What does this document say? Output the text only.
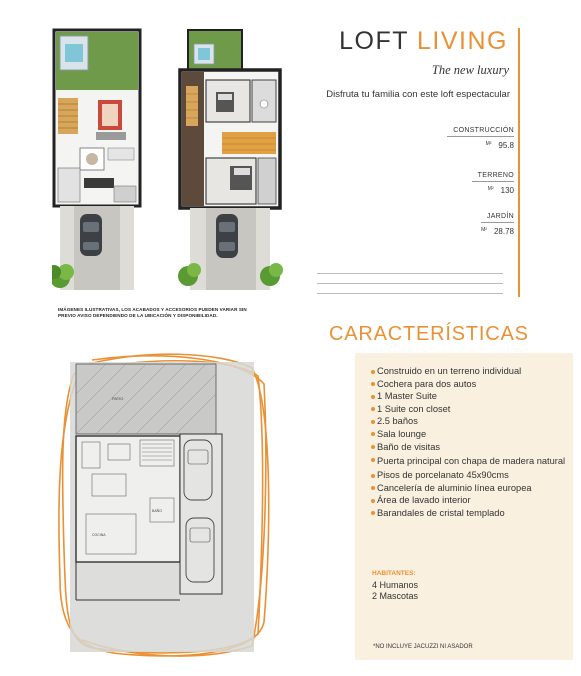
IMÁGENES ILUSTRATIVAS, LOS ACABADOS Y ACCESORIOS PUEDEN VARIAR SIN PREVIO AVISO DEPENDIENDO DE LA UBICACIÓN Y DISPONIBILIDAD.
LOFT LIVING
The new luxury
Disfruta tu familia con este loft espectacular
CONSTRUCCIÓN
$^{M^2}$ 95.8
TERRENO
$^{M^2}$ 130
JARDÍN
$^{M^2}$ 28.78
PATIO
BAÑO
COCINA
CARACTERÍSTICAS
Construido en un terreno individual
Cochera para dos autos
1 Master Suite
1 Suite con closet
2.5 baños
Sala lounge
Baño de visitas
Puerta principal con chapa de madera natural
Pisos de porcelanato 45x90cms
Cancelería de aluminio línea europea
Área de lavado interior
Barandales de cristal templado
HABITANTES:
4 Humanos
2 Mascotas
*NO INCLUYE JACUZZI NI ASADOR
